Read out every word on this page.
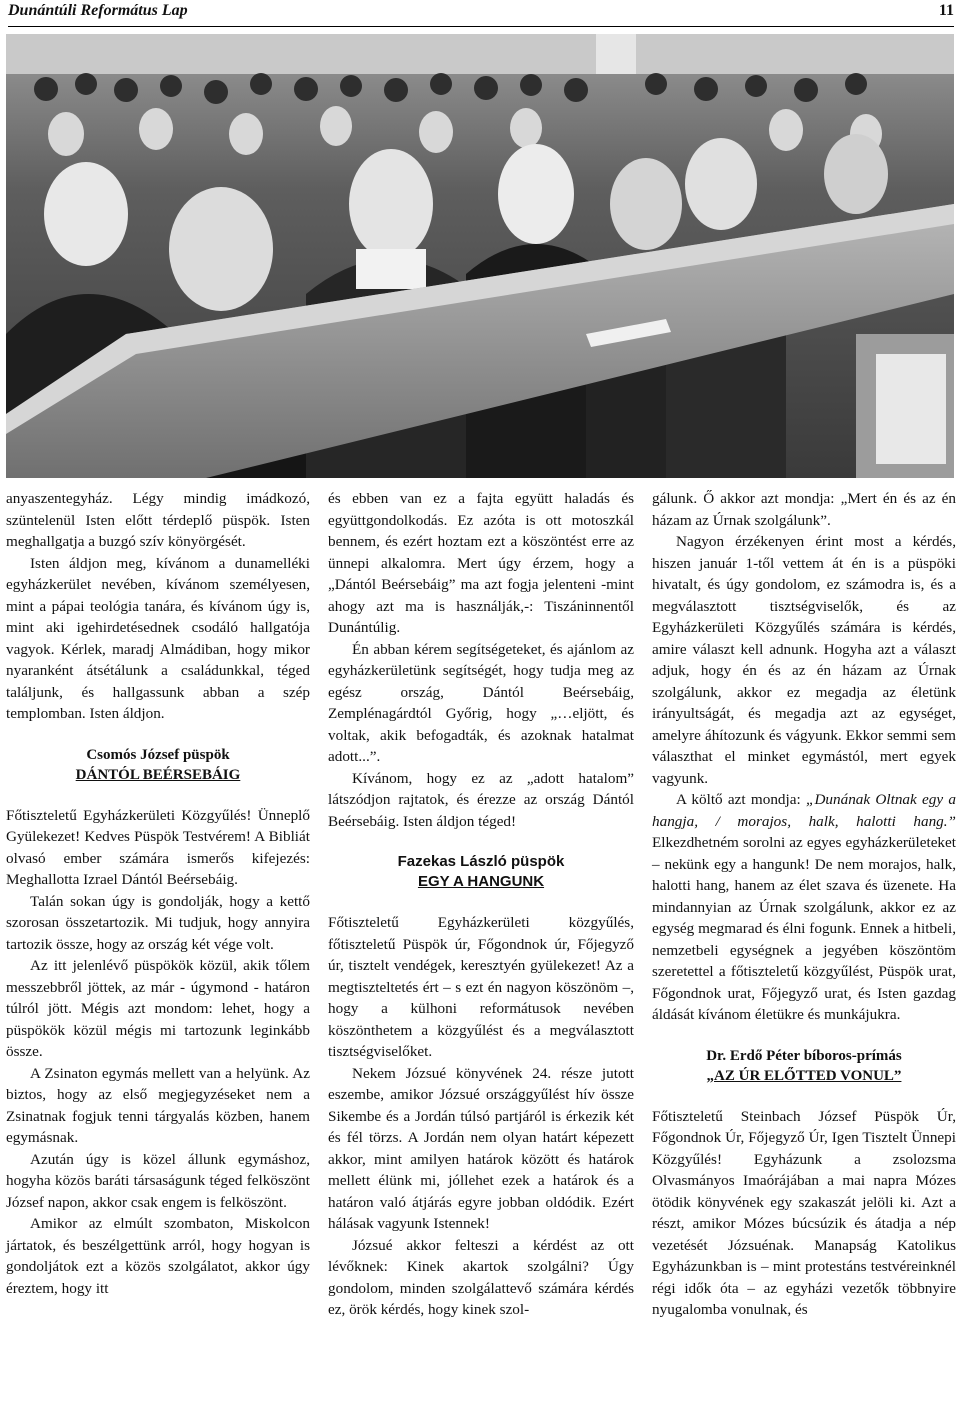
Dunántúli Református Lap	11

anyaszentegyház. Légy mindig imádkozó, szüntelenül Isten előtt térdeplő püspök. Isten meghallgatja a buzgó szív könyörgését.

Isten áldjon meg, kívánom a dunamelléki egyházkerület nevében, kívánom személyesen, mint a pápai teológia tanára, és kívánom úgy is, mint aki igehirdetésednek csodáló hallgatója vagyok. Kérlek, maradj Almádiban, hogy mikor nyaranként átsétálunk a családunkkal, téged találjunk, és hallgassunk abban a szép templomban. Isten áldjon.

Csomós József püspök
DÁNTÓL BEÉRSEBÁIG

Főtiszteletű Egyházkerületi Közgyűlés! Ünneplő Gyülekezet! Kedves Püspök Testvérem! A Bibliát olvasó ember számára ismerős kifejezés: Meghallotta Izrael Dántól Beérsebáig.

Talán sokan úgy is gondolják, hogy a kettő szorosan összetartozik. Mi tudjuk, hogy annyira tartozik össze, hogy az ország két vége volt.

Az itt jelenlévő püspökök közül, akik tőlem messzebbről jöttek, az már - úgymond - határon túlról jött. Mégis azt mondom: lehet, hogy a püspökök közül mégis mi tartozunk leginkább össze.

A Zsinaton egymás mellett van a helyünk. Az biztos, hogy az első megjegyzéseket nem a Zsinatnak fogjuk tenni tárgyalás közben, hanem egymásnak.

Azután úgy is közel állunk egymáshoz, hogyha közös baráti társaságunk téged felköszönt József napon, akkor csak engem is felköszönt.

Amikor az elmúlt szombaton, Miskolcon jártatok, és beszélgettünk arról, hogy hogyan is gondoljátok ezt a közös szolgálatot, akkor úgy éreztem, hogy itt

és ebben van ez a fajta együtt haladás és együttgondolkodás. Ez azóta is ott motoszkál bennem, és ezért hoztam ezt a köszöntést erre az ünnepi alkalomra. Mert úgy érzem, hogy a „Dántól Beérsebáig” ma azt fogja jelenteni -mint ahogy azt ma is használják,-: Tiszáninnentől Dunántúlig.

Én abban kérem segítségeteket, és ajánlom az egyházkerületünk segítségét, hogy tudja meg az egész ország, Dántól Beérsebáig, Zemplénagárdtól Győrig, hogy „…eljött, és voltak, akik befogadták, és azoknak hatalmat adott...”.

Kívánom, hogy ez az „adott hatalom” látszódjon rajtatok, és érezze az ország Dántól Beérsebáig. Isten áldjon téged!

Fazekas László püspök
EGY A HANGUNK

Főtiszteletű Egyházkerületi közgyűlés, főtiszteletű Püspök úr, Főgondnok úr, Főjegyző úr, tisztelt vendégek, keresztyén gyülekezet! Az a megtiszteltetés ért – s ezt én nagyon köszönöm –, hogy a külhoni reformátusok nevében köszönthetem a közgyűlést és a megválasztott tisztségviselőket.

Nekem Józsué könyvének 24. része jutott eszembe, amikor Józsué országgyűlést hív össze Sikembe és a Jordán túlsó partjáról is érkezik két és fél törzs. A Jordán nem olyan határt képezett akkor, mint amilyen határok között és határok mellett élünk mi, jóllehet ezek a határok és a határon való átjárás egyre jobban oldódik. Ezért hálásak vagyunk Istennek!

Józsué akkor felteszi a kérdést az ott lévőknek: Kinek akartok szolgálni? Úgy gondolom, minden szolgálattevő számára kérdés ez, örök kérdés, hogy kinek szol-

gálunk. Ő akkor azt mondja: „Mert én és az én házam az Úrnak szolgálunk”.

Nagyon érzékenyen érint most a kérdés, hiszen január 1-től vettem át én is a püspöki hivatalt, és úgy gondolom, ez számodra is, és a megválasztott tisztségviselők, és az Egyházkerületi Közgyűlés számára is kérdés, amire választ kell adnunk. Hogyha azt a választ adjuk, hogy én és az én házam az Úrnak szolgálunk, akkor ez megadja az életünk irányultságát, és megadja azt az egységet, amelyre áhítozunk és vágyunk. Ekkor semmi sem választhat el minket egymástól, mert egyek vagyunk.

A költő azt mondja: „Dunának Oltnak egy a hangja, / morajos, halk, halotti hang.” Elkezdhetném sorolni az egyes egyházkerületeket – nekünk egy a hangunk! De nem morajos, halk, halotti hang, hanem az élet szava és üzenete. Ha mindannyian az Úrnak szolgálunk, akkor ez az egység megmarad és élni fogunk. Ennek a hitbeli, nemzetbeli egységnek a jegyében köszöntöm szeretettel a főtiszteletű közgyűlést, Püspök urat, Főgondnok urat, Főjegyző urat, és Isten gazdag áldását kívánom életükre és munkájukra.

Dr. Erdő Péter bíboros-prímás
„AZ ÚR ELŐTTED VONUL”

Főtiszteletű Steinbach József Püspök Úr, Főgondnok Úr, Főjegyző Úr, Igen Tisztelt Ünnepi Közgyűlés! Egyházunk a zsolozsma Olvasmányos Imaórájában a mai napra Mózes ötödik könyvének egy szakaszát jelöli ki. Azt a részt, amikor Mózes búcsúzik és átadja a nép vezetését Józsuénak. Manapság Katolikus Egyházunkban is – mint protestáns testvéreinknél régi idők óta – az egyházi vezetők többnyire nyugalomba vonulnak, és
